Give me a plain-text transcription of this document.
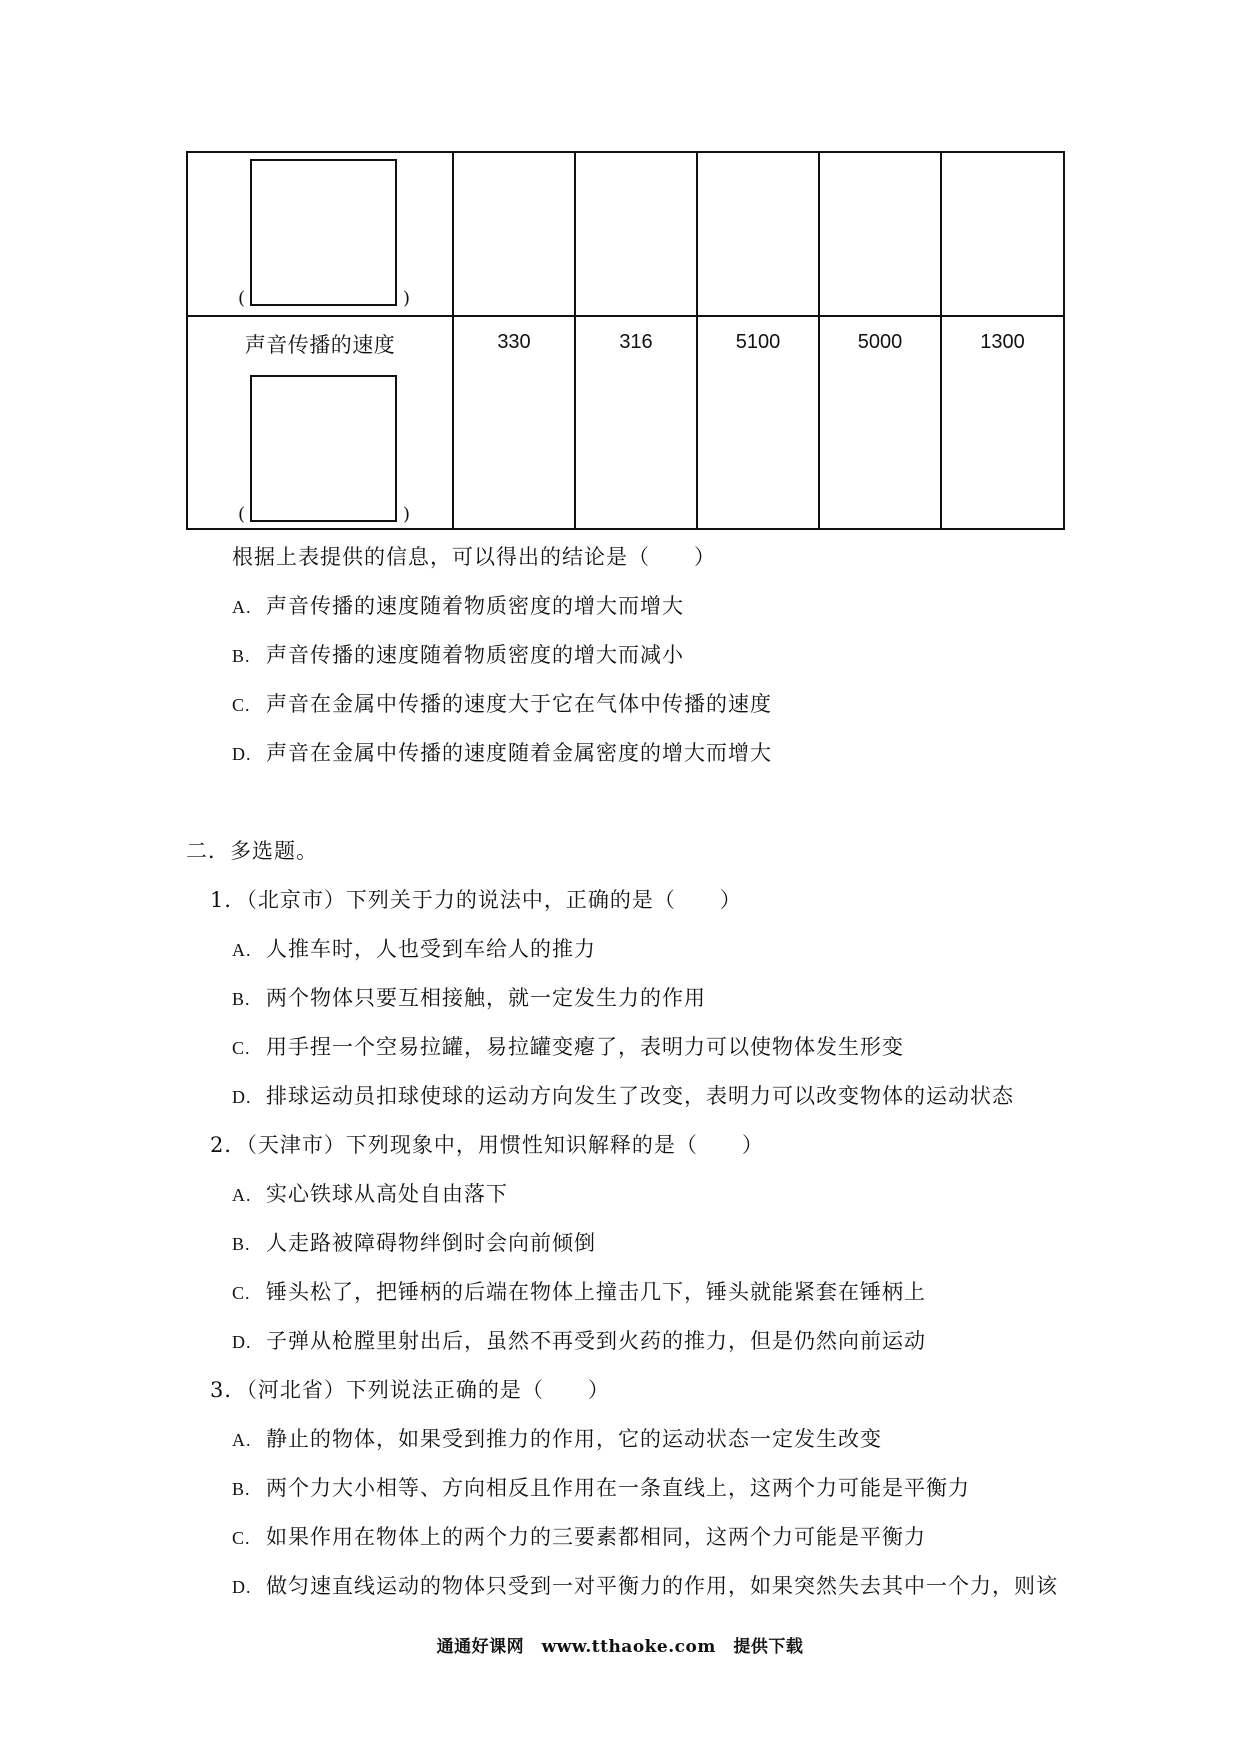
( )					

声音传播的速度
( )	330	316	5100	5000	1300
根据上表提供的信息，可以得出的结论是（　　）
A. 声音传播的速度随着物质密度的增大而增大
B. 声音传播的速度随着物质密度的增大而减小
C. 声音在金属中传播的速度大于它在气体中传播的速度
D. 声音在金属中传播的速度随着金属密度的增大而增大
二．多选题。
1．（北京市）下列关于力的说法中，正确的是（　　）
A. 人推车时，人也受到车给人的推力
B. 两个物体只要互相接触，就一定发生力的作用
C. 用手捏一个空易拉罐，易拉罐变瘪了，表明力可以使物体发生形变
D. 排球运动员扣球使球的运动方向发生了改变，表明力可以改变物体的运动状态
2．（天津市）下列现象中，用惯性知识解释的是（　　）
A. 实心铁球从高处自由落下
B. 人走路被障碍物绊倒时会向前倾倒
C. 锤头松了，把锤柄的后端在物体上撞击几下，锤头就能紧套在锤柄上
D. 子弹从枪膛里射出后，虽然不再受到火药的推力，但是仍然向前运动
3．（河北省）下列说法正确的是（　　）
A. 静止的物体，如果受到推力的作用，它的运动状态一定发生改变
B. 两个力大小相等、方向相反且作用在一条直线上，这两个力可能是平衡力
C. 如果作用在物体上的两个力的三要素都相同，这两个力可能是平衡力
D. 做匀速直线运动的物体只受到一对平衡力的作用，如果突然失去其中一个力，则该
通通好课网　www.tthaoke.com　提供下载
